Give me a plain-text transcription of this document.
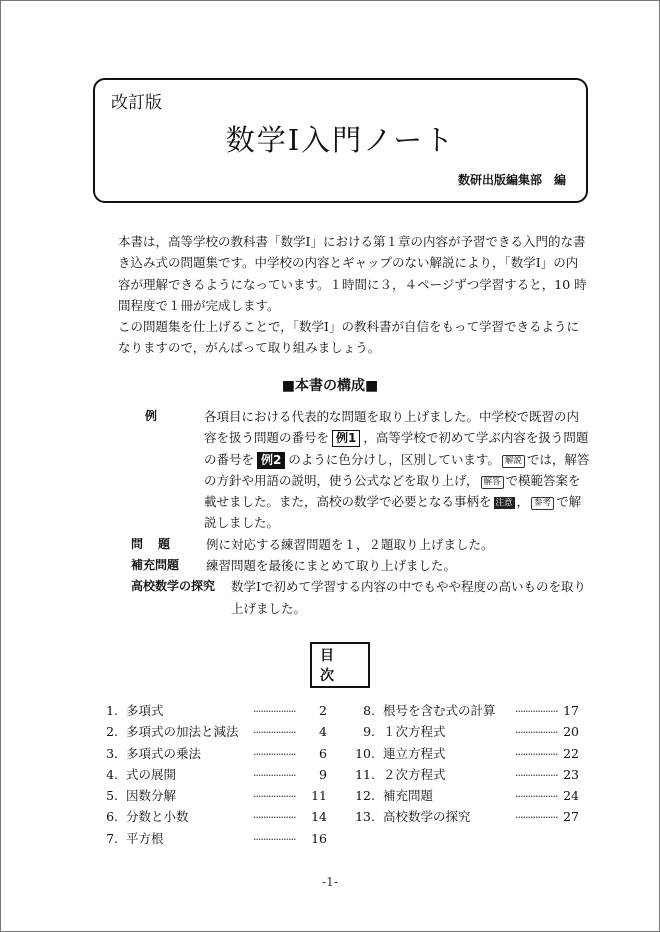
改訂版
数学Ⅰ入門ノート
数研出版編集部　編

本書は，高等学校の教科書「数学Ⅰ」における第１章の内容が予習できる入門的な書き込み式の問題集です。中学校の内容とギャップのない解説により，「数学Ⅰ」の内容が理解できるようになっています。１時間に３，４ページずつ学習すると，10 時間程度で１冊が完成します。

この問題集を仕上げることで，「数学Ⅰ」の教科書が自信をもって学習できるようになりますので，がんばって取り組みましょう。

■本書の構成■
例	各項目における代表的な問題を取り上げました。中学校で既習の内容を扱う問題の番号を 例1 ，高等学校で初めて学ぶ内容を扱う問題の番号を 例2 のように色分けし，区別しています。 解説 では，解答の方針や用語の説明，使う公式などを取り上げ， 解答 で模範答案を載せました。また，高校の数学で必要となる事柄を 注意 ， 参考 で解説しました。
問題	例に対応する練習問題を１，２題取り上げました。
補充問題	練習問題を最後にまとめて取り上げました。
高校数学の探究	数学Ⅰで初めて学習する内容の中でもやや程度の高いものを取り上げました。
目次
1. 多項式	·················	2
2. 多項式の加法と減法	·················	4
3. 多項式の乗法	·················	6
4. 式の展開	·················	9
5. 因数分解	·················	11
6. 分数と小数	·················	14
7. 平方根	·················	16
8. 根号を含む式の計算	················· 17
9. １次方程式	················· 20
10. 連立方程式	················· 22
11. ２次方程式	················· 23
12. 補充問題	················· 24
13. 高校数学の探究	················· 27
-1-
